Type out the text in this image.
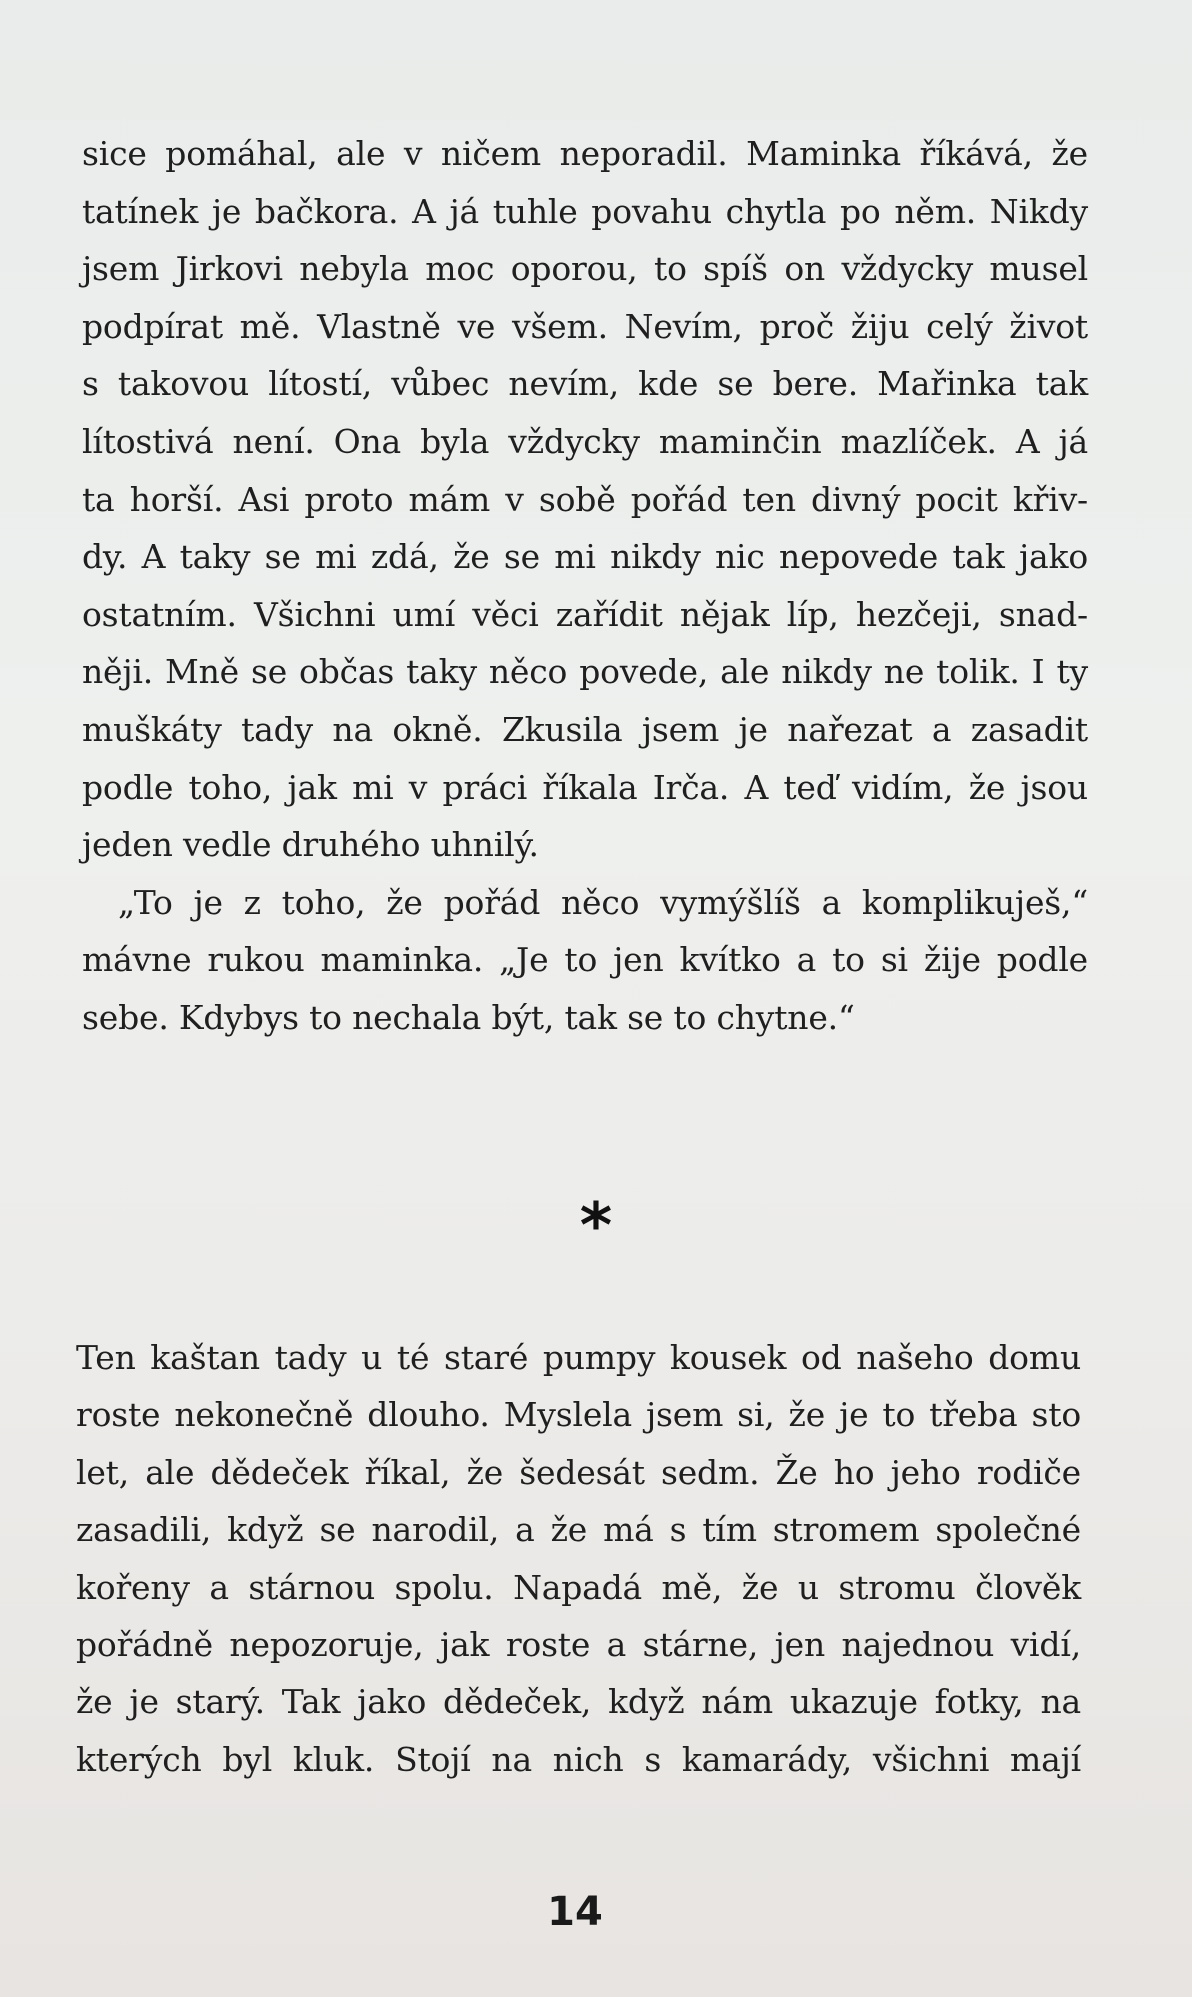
sice pomáhal, ale v ničem neporadil. Maminka říkává, že
tatínek je bačkora. A já tuhle povahu chytla po něm. Nikdy
jsem Jirkovi nebyla moc oporou, to spíš on vždycky musel
podpírat mě. Vlastně ve všem. Nevím, proč žiju celý život
s takovou lítostí, vůbec nevím, kde se bere. Mařinka tak
lítostivá není. Ona byla vždycky maminčin mazlíček. A já
ta horší. Asi proto mám v sobě pořád ten divný pocit křiv-
dy. A taky se mi zdá, že se mi nikdy nic nepovede tak jako
ostatním. Všichni umí věci zařídit nějak líp, hezčeji, snad-
něji. Mně se občas taky něco povede, ale nikdy ne tolik. I ty
muškáty tady na okně. Zkusila jsem je nařezat a zasadit
podle toho, jak mi v práci říkala Irča. A teď vidím, že jsou
jeden vedle druhého uhnilý.
„To je z toho, že pořád něco vymýšlíš a komplikuješ,“
mávne rukou maminka. „Je to jen kvítko a to si žije podle
sebe. Kdybys to nechala být, tak se to chytne.“
*
Ten kaštan tady u té staré pumpy kousek od našeho domu
roste nekonečně dlouho. Myslela jsem si, že je to třeba sto
let, ale dědeček říkal, že šedesát sedm. Že ho jeho rodiče
zasadili, když se narodil, a že má s tím stromem společné
kořeny a stárnou spolu. Napadá mě, že u stromu člověk
pořádně nepozoruje, jak roste a stárne, jen najednou vidí,
že je starý. Tak jako dědeček, když nám ukazuje fotky, na
kterých byl kluk. Stojí na nich s kamarády, všichni mají
14
